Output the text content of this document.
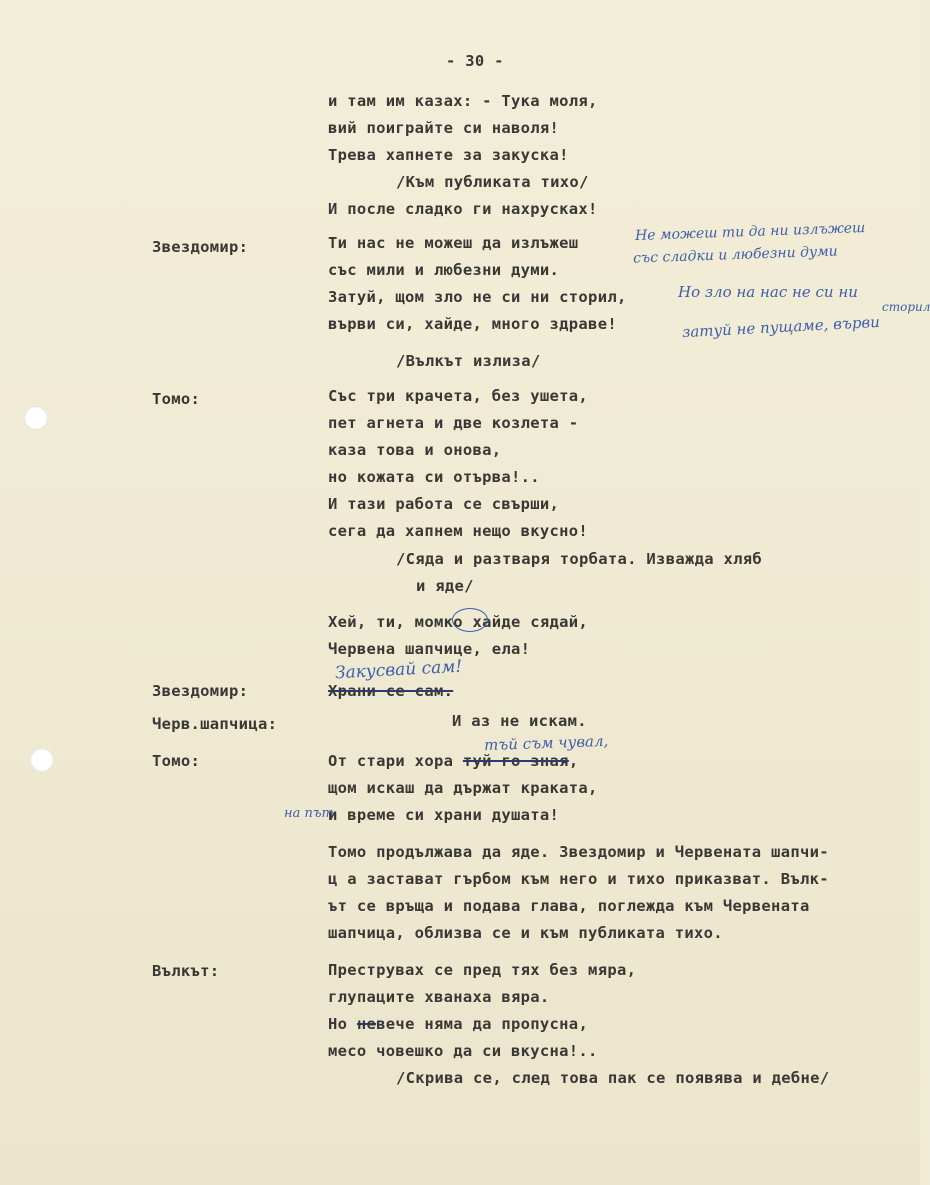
- 30 -
и там им казах: - Тука моля,
вий поиграйте си наволя!
Трева хапнете за закуска!
/Към публиката тихо/
И после сладко ги нахрусках!
Звездомир:	Ти нас не можеш да излъжеш
със мили и любезни думи.
Затуй, щом зло не си ни сторил,
върви си, хайде, много здраве!
Не можеш ти да ни излъжеш
със сладки и любезни думи
Но зло на нас не си ни
сторил
затуй не пущаме, върви
/Вълкът излиза/
Томо:	Със три крачета, без ушета,
пет агнета и две козлета -
каза това и онова,
но кожата си отърва!..
И тази работа се свърши,
сега да хапнем нещо вкусно!
/Сяда и разтваря торбата. Изважда хляб
и яде/
Хей, ти, момко хайде сядай,
Червена шапчице, ела!
Закусвай сам!
Звездомир:	Храни се сам.
Черв.шапчица:	И аз не искам.
тъй съм чувал,
Томо:	От стари хора туй го зная,
щом искаш да държат краката,
на път
и време си храни душата!
Томо продължава да яде. Звездомир и Червената шапчи-
ц а застават гърбом към него и тихо приказват. Вълк-
ът се връща и подава глава, поглежда към Червената
шапчица, облизва се и към публиката тихо.
Вълкът:	Преструвах се пред тях без мяра,
глупаците хванаха вяра.
Но невече няма да пропусна,
месо човешко да си вкусна!..
/Скрива се, след това пак се появява и дебне/
